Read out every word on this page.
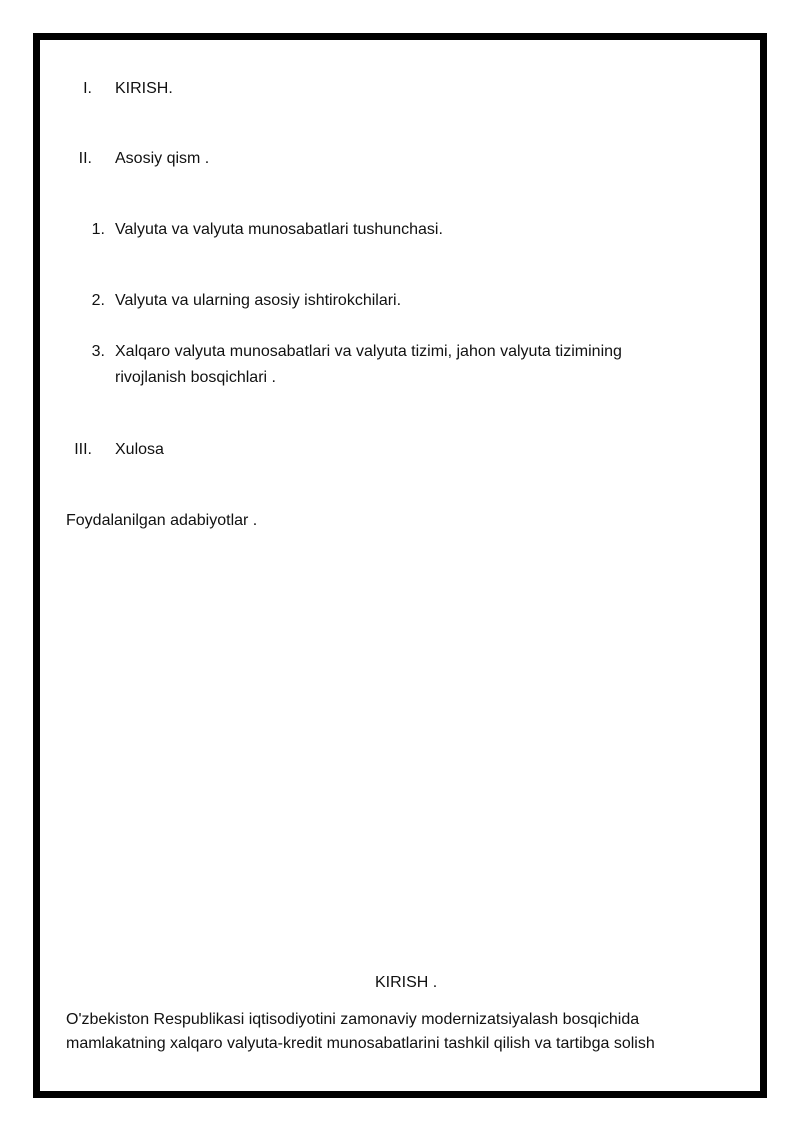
I. KIRISH.
II. Asosiy qism .
1. Valyuta va valyuta munosabatlari tushunchasi.
2. Valyuta va ularning asosiy ishtirokchilari.
3. Xalqaro valyuta munosabatlari va valyuta tizimi, jahon valyuta tizimining
rivojlanish bosqichlari .
III. Xulosa
Foydalanilgan adabiyotlar .
KIRISH .
O'zbekiston Respublikasi iqtisodiyotini zamonaviy modernizatsiyalash bosqichida
mamlakatning xalqaro valyuta-kredit munosabatlarini tashkil qilish va tartibga solish
